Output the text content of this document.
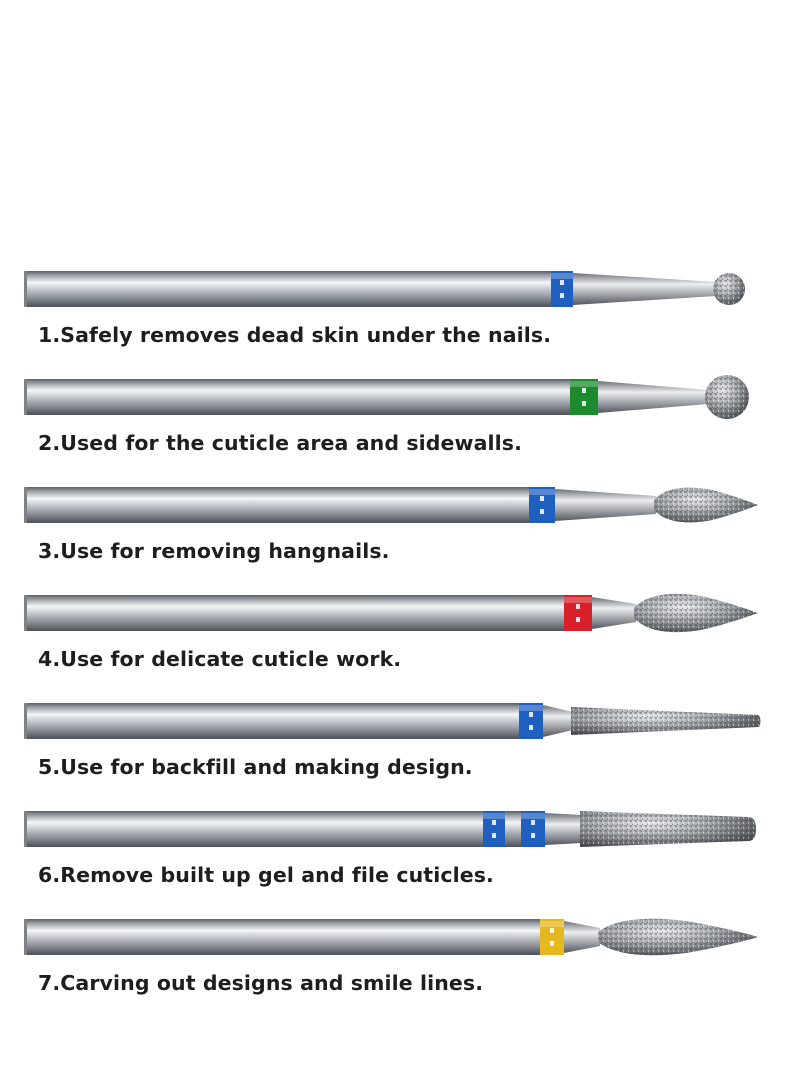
1.Safely removes dead skin under the nails.
2.Used for the cuticle area and sidewalls.
3.Use for removing hangnails.
4.Use for delicate cuticle work.
5.Use for backfill and making design.
6.Remove built up gel and file cuticles.
7.Carving out designs and smile lines.
